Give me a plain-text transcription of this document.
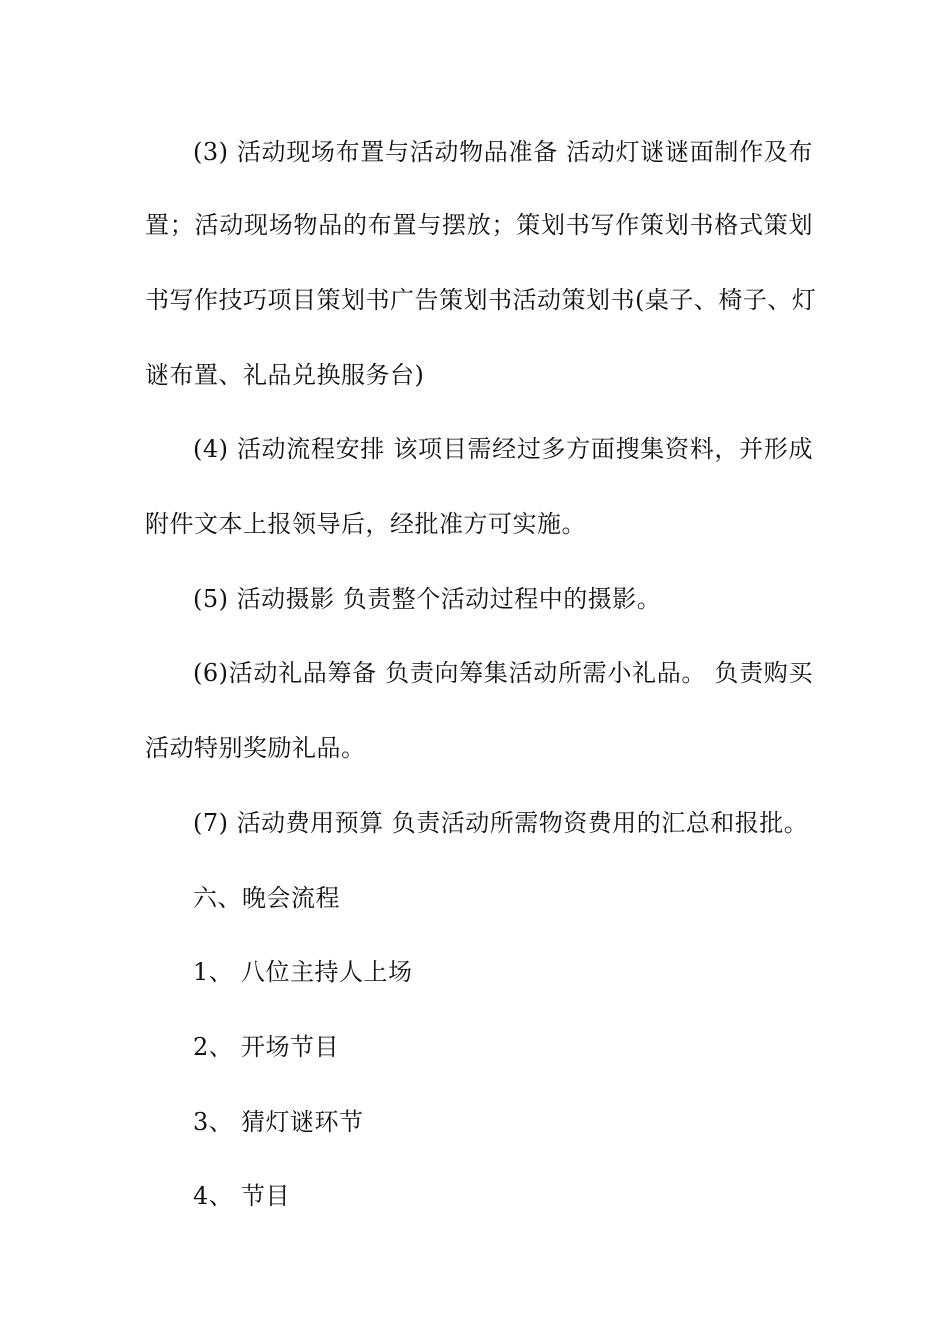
(3) 活动现场布置与活动物品准备 活动灯谜谜面制作及布
置；活动现场物品的布置与摆放；策划书写作策划书格式策划
书写作技巧项目策划书广告策划书活动策划书(桌子、椅子、灯
谜布置、礼品兑换服务台)
(4) 活动流程安排 该项目需经过多方面搜集资料，并形成
附件文本上报领导后，经批准方可实施。
(5) 活动摄影 负责整个活动过程中的摄影。
(6)活动礼品筹备 负责向筹集活动所需小礼品。 负责购买
活动特别奖励礼品。
(7) 活动费用预算 负责活动所需物资费用的汇总和报批。
六、晚会流程
1、 八位主持人上场
2、 开场节目
3、 猜灯谜环节
4、 节目
